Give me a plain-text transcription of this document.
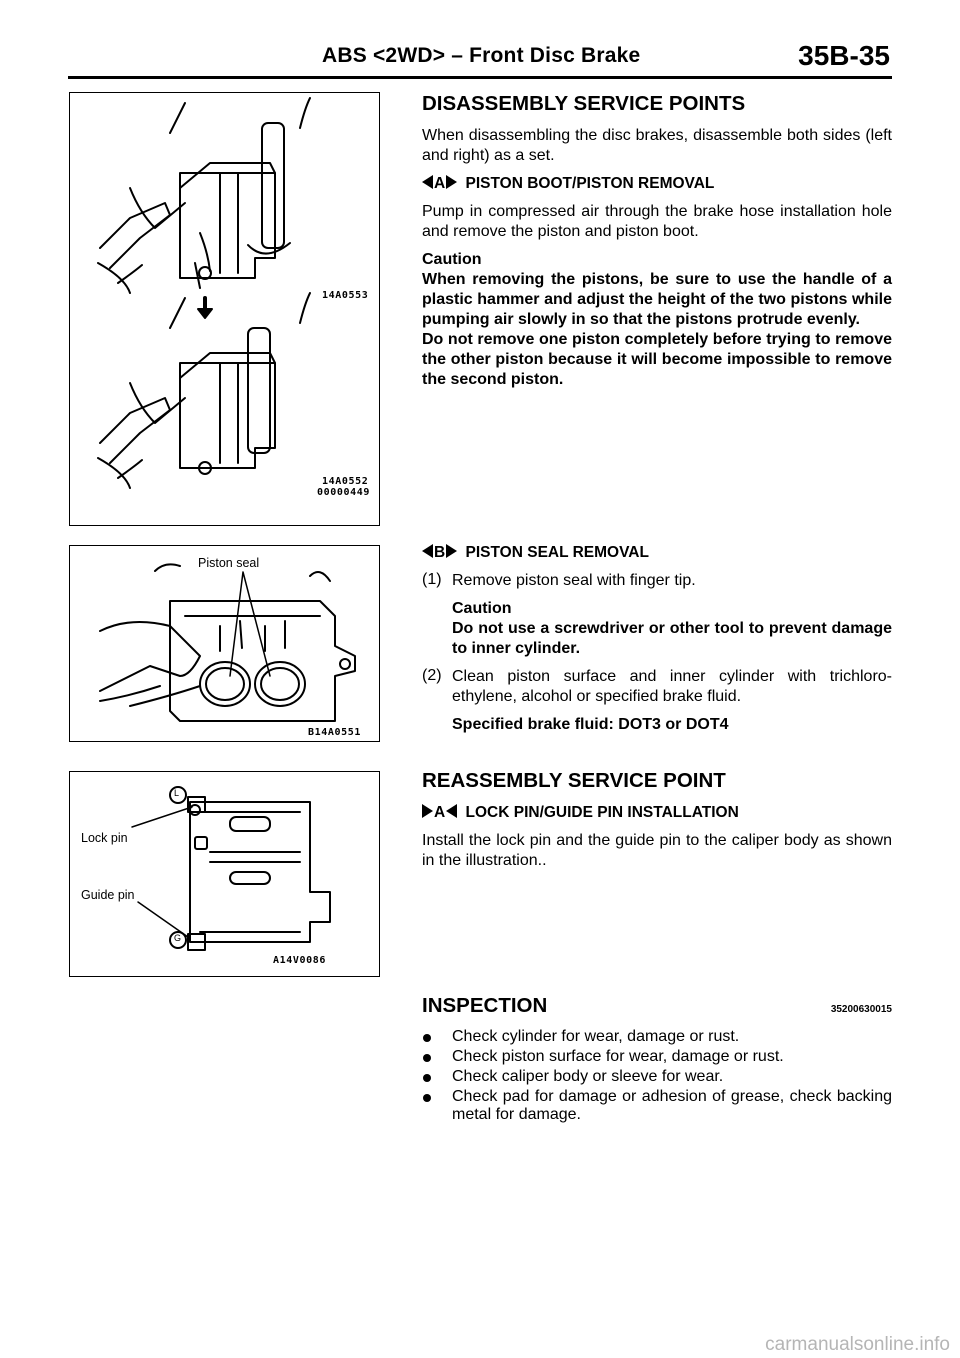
ABS <2WD> – Front Disc Brake	35B-35
14A0553
14A0552
00000449
Piston seal
B14A0551
L
G
Lock pin
Guide pin
A14V0086
DISASSEMBLY SERVICE POINTS

When disassembling the disc brakes, disassemble both sides (left and right) as a set.

A PISTON BOOT/PISTON REMOVAL

Pump in compressed air through the brake hose installation hole and remove the piston and piston boot.

Caution
When removing the pistons, be sure to use the handle of a plastic hammer and adjust the height of the two pistons while pumping air slowly in so that the pistons protrude evenly.
Do not remove one piston completely before trying to remove the other piston because it will become impossible to remove the second piston.

B PISTON SEAL REMOVAL
(1) Remove piston seal with finger tip.

Caution
Do not use a screwdriver or other tool to prevent damage to inner cylinder.

(2) Clean piston surface and inner cylinder with trichloro-ethylene, alcohol or specified brake fluid.

Specified brake fluid: DOT3 or DOT4

REASSEMBLY SERVICE POINT
A LOCK PIN/GUIDE PIN INSTALLATION

Install the lock pin and the guide pin to the caliper body as shown in the illustration..

INSPECTION	35200630015
Check cylinder for wear, damage or rust.
Check piston surface for wear, damage or rust.
Check caliper body or sleeve for wear.
Check pad for damage or adhesion of grease, check backing metal for damage.
carmanualsonline.info
